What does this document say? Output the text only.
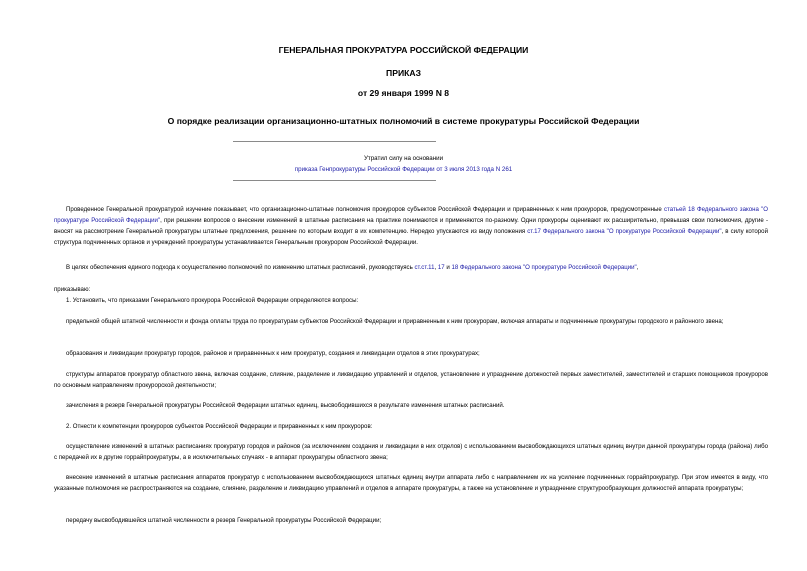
ГЕНЕРАЛЬНАЯ ПРОКУРАТУРА РОССИЙСКОЙ ФЕДЕРАЦИИ
ПРИКАЗ
от 29 января 1999 N 8
О порядке реализации организационно-штатных полномочий в системе прокуратуры Российской Федерации
Утратил силу на основании
приказа Генпрокуратуры Российской Федерации от 3 июля 2013 года N 261

Проведенное Генеральной прокуратурой изучение показывает, что организационно-штатные полномочия прокуроров субъектов Российской Федерации и приравненных к ним прокуроров, предусмотренные статьей 18 Федерального закона "О прокуратуре Российской Федерации", при решении вопросов о внесении изменений в штатные расписания на практике понимаются и применяются по-разному. Одни прокуроры оценивают их расширительно, превышая свои полномочия, другие - вносят на рассмотрение Генеральной прокуратуры штатные предложения, решение по которым входит в их компетенцию. Нередко упускаются из виду положения ст.17 Федерального закона "О прокуратуре Российской Федерации", в силу которой структура подчиненных органов и учреждений прокуратуры устанавливается Генеральным прокурором Российской Федерации.

В целях обеспечения единого подхода к осуществлению полномочий по изменению штатных расписаний, руководствуясь ст.ст.11, 17 и 18 Федерального закона "О прокуратуре Российской Федерации",

приказываю:

1. Установить, что приказами Генерального прокурора Российской Федерации определяются вопросы:

предельной общей штатной численности и фонда оплаты труда по прокуратурам субъектов Российской Федерации и приравненным к ним прокурорам, включая аппараты и подчиненные прокуратуры городского и районного звена;

образования и ликвидации прокуратур городов, районов и приравненных к ним прокуратур, создания и ликвидации отделов в этих прокуратурах;

структуры аппаратов прокуратур областного звена, включая создание, слияние, разделение и ликвидацию управлений и отделов, установление и упразднение должностей первых заместителей, заместителей и старших помощников прокуроров по основным направлениям прокурорской деятельности;

зачисления в резерв Генеральной прокуратуры Российской Федерации штатных единиц, высвободившихся в результате изменения штатных расписаний.

2. Отнести к компетенции прокуроров субъектов Российской Федерации и приравненных к ним прокуроров:

осуществление изменений в штатных расписаниях прокуратур городов и районов (за исключением создания и ликвидации в них отделов) с использованием высвобождающихся штатных единиц внутри данной прокуратуры города (района) либо с передачей их в другие горрайпрокуратуры, а в исключительных случаях - в аппарат прокуратуры областного звена;

внесение изменений в штатные расписания аппаратов прокуратур с использованием высвобождающихся штатных единиц внутри аппарата либо с направлением их на усиление подчиненных горрайпрокуратур. При этом имеется в виду, что указанные полномочия не распространяются на создание, слияние, разделение и ликвидацию управлений и отделов в аппарате прокуратуры, а также на установление и упразднение структурообразующих должностей аппарата прокуратуры;

передачу высвободившейся штатной численности в резерв Генеральной прокуратуры Российской Федерации;
